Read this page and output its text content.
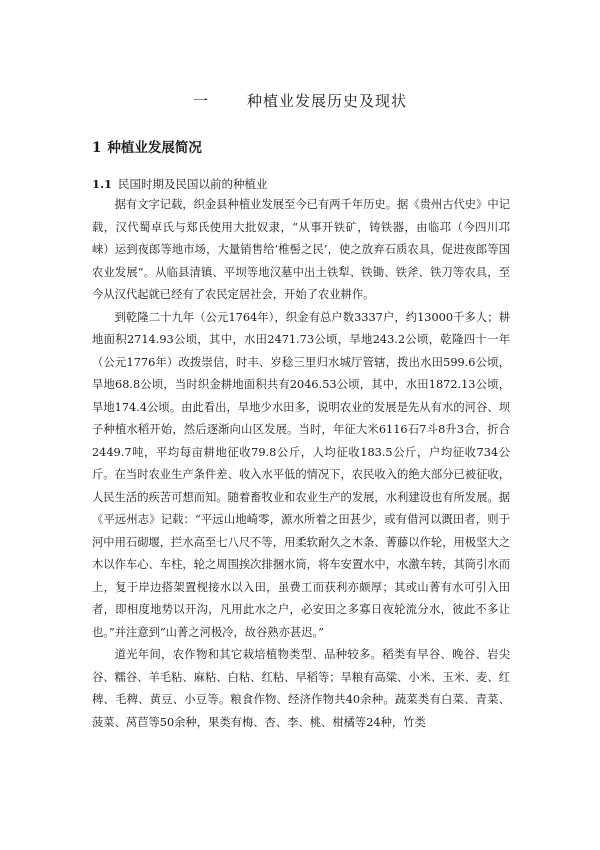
一	种植业发展历史及现状
1 种植业发展简况
1.1 民国时期及民国以前的种植业

据有文字记载，织金县种植业发展至今已有两千年历史。据《贵州古代史》中记载，汉代蜀卓氏与郑氏使用大批奴隶，“从事开铁矿，铸铁器，由临邛（今四川邛崃）运到夜郎等地市场，大量销售给‘椎髻之民’，使之放弃石质农具，促进夜郎等国农业发展”。从临县清镇、平坝等地汉墓中出土铁犁、铁锄、铁斧、铁刀等农具，至今从汉代起就已经有了农民定居社会，开始了农业耕作。

到乾隆二十九年（公元1764年），织金有总户数3337户，约13000千多人；耕地面积2714.93公顷，其中，水田2471.73公顷，旱地243.2公顷，乾隆四十一年（公元1776年）改拨崇信，时丰、岁稔三里归水城厅管辖，拨出水田599.6公顷，旱地68.8公顷，当时织金耕地面积共有2046.53公顷，其中，水田1872.13公顷，旱地174.4公顷。由此看出，旱地少水田多，说明农业的发展是先从有水的河谷、坝子种植水稻开始，然后逐渐向山区发展。当时，年征大米6116石7斗8升3合，折合2449.7吨，平均每亩耕地征收79.8公斤，人均征收183.5公斤，户均征收734公斤。在当时农业生产条件差、收入水平低的情况下，农民收入的绝大部分已被征收，人民生活的疾苦可想而知。随着畜牧业和农业生产的发展，水利建设也有所发展。据《平远州志》记载：“平远山地崎零，源水所着之田甚少，或有借河以溉田者，则于河中用石砌堰，拦水高至七八尺不等，用柔软耐久之木条、菁藤以作轮，用极坚大之木以作车心、车柱，轮之周围挨次排捆水筒，将车安置水中，水激车转，其筒引水而上，复于岸边搭架置枧接水以入田，虽费工而获利亦颇厚；其或山菁有水可引入田者，即相度地势以开沟，凡用此水之户，必安田之多寡日夜轮流分水，彼此不多让也。”并注意到“山菁之河极冷，故谷熟亦甚迟。”

道光年间，农作物和其它栽培植物类型、品种较多。稻类有早谷、晚谷、岩尖谷、糯谷、羊毛粘、麻粘、白粘、红粘、早稻等；旱粮有高粱、小米、玉米、麦、红稗、毛稗、黄豆、小豆等。粮食作物、经济作物共40余种。蔬菜类有白菜、青菜、菠菜、莴苣等50余种，果类有梅、杏、李、桃、柑橘等24种，竹类
